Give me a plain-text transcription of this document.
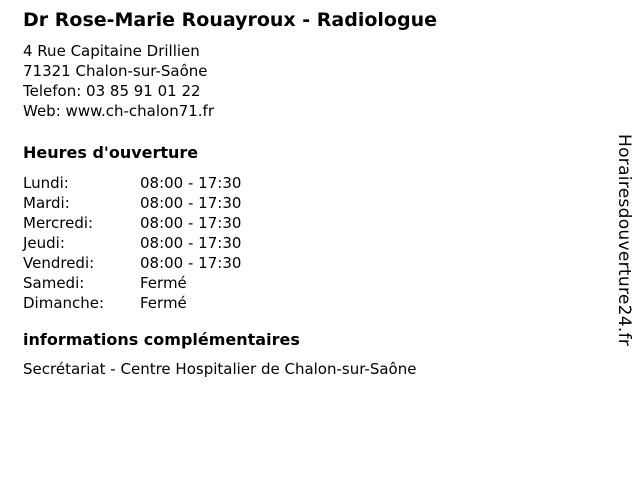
Dr Rose-Marie Rouayroux - Radiologue
4 Rue Capitaine Drillien
71321 Chalon-sur-Saône
Telefon: 03 85 91 01 22
Web: www.ch-chalon71.fr
Heures d'ouverture
Lundi:	08:00 - 17:30
Mardi:	08:00 - 17:30
Mercredi:	08:00 - 17:30
Jeudi:	08:00 - 17:30
Vendredi:	08:00 - 17:30
Samedi:	Fermé
Dimanche: Fermé
informations complémentaires
Secrétariat - Centre Hospitalier de Chalon-sur-Saône
Horairesdouverture24.fr
